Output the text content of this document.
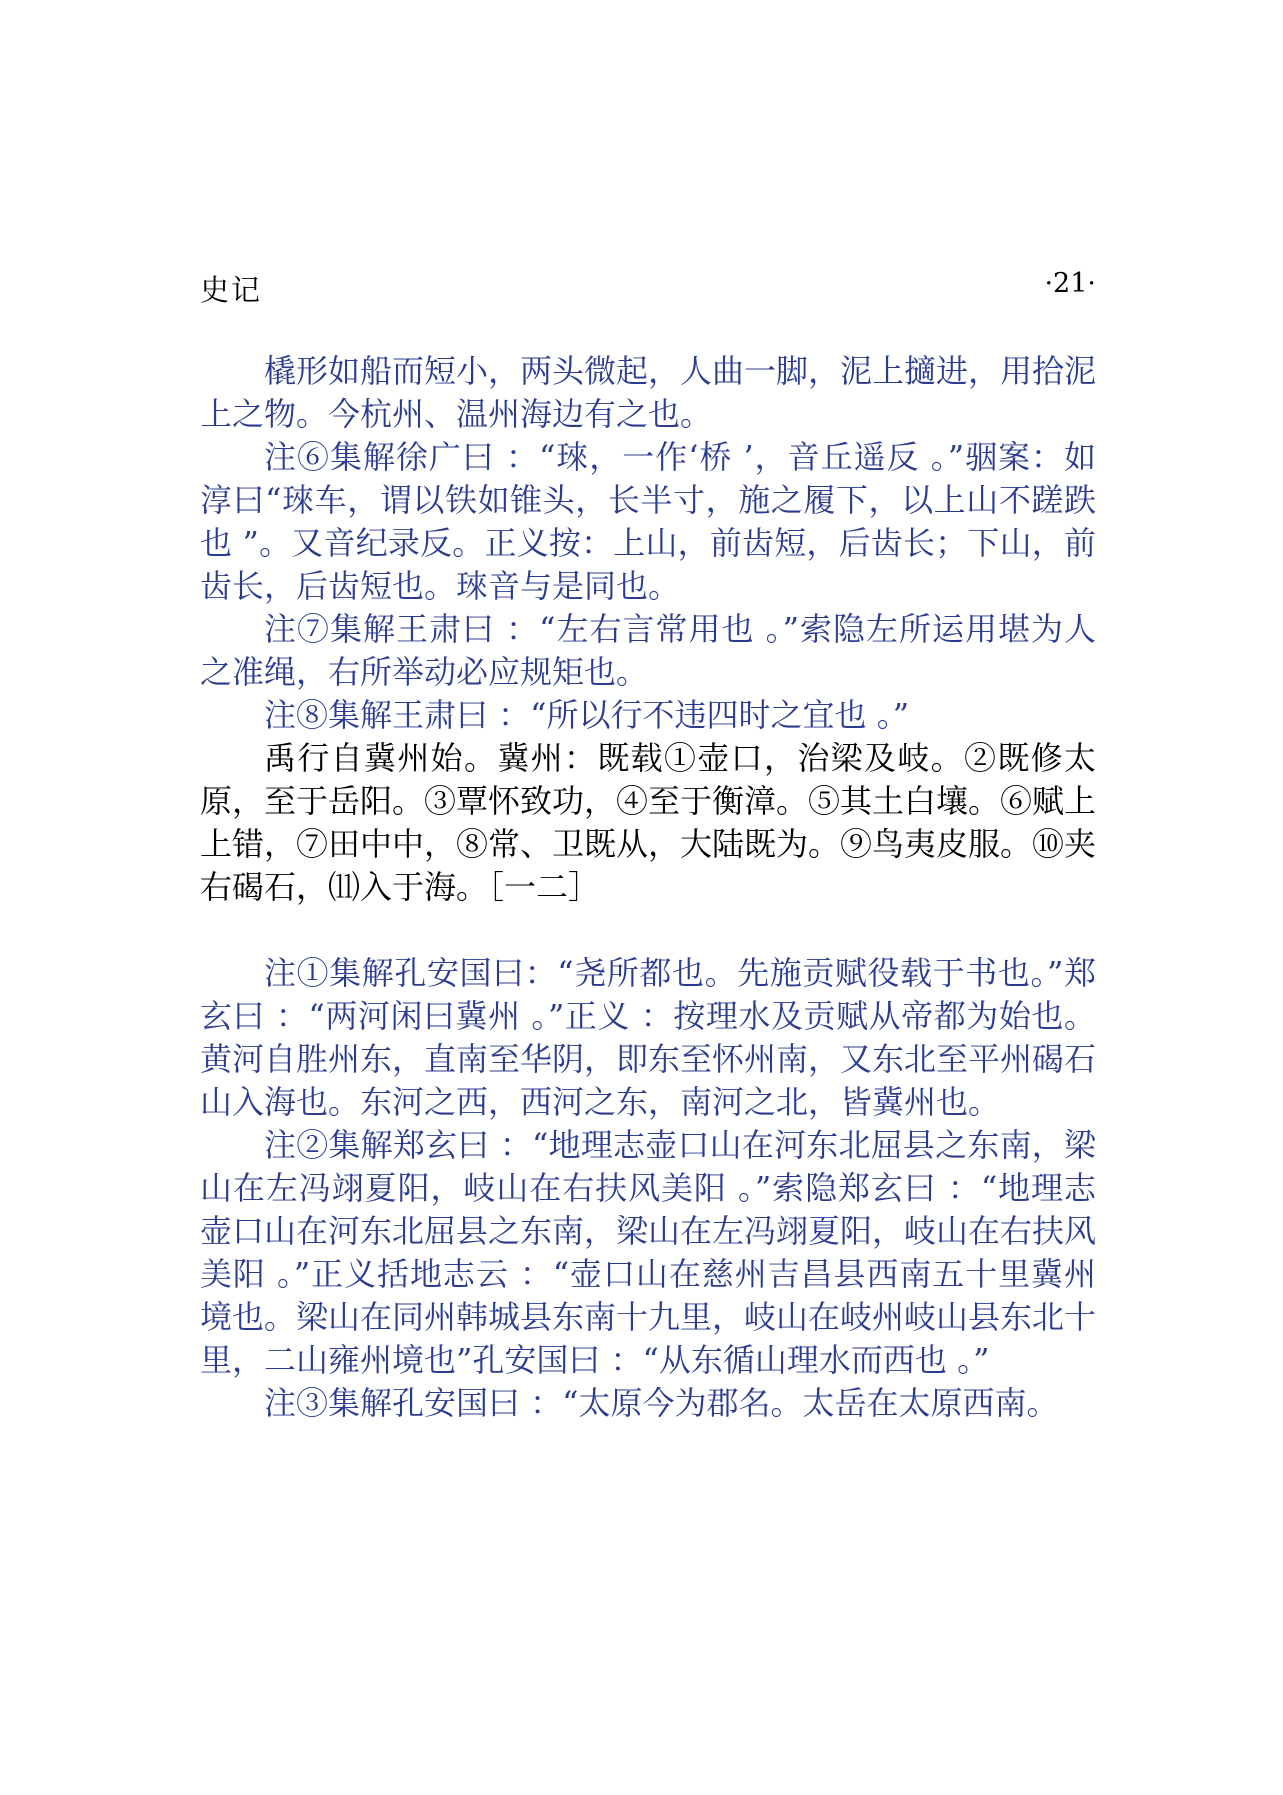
史记	·21·

橇形如船而短小，两头微起，人曲一脚，泥上擿进，用拾泥上之物。今杭州、温州海边有之也。

注⑥集解徐广曰 ：“琜，一作‘桥 ’，音丘遥反 。”骃案：如淳曰“琜车，谓以铁如锥头，长半寸，施之履下，以上山不蹉跌也 ”。又音纪录反。正义按：上山，前齿短，后齿长；下山，前齿长，后齿短也。琜音与是同也。

注⑦集解王肃曰 ：“左右言常用也 。”索隐左所运用堪为人之准绳，右所举动必应规矩也。

注⑧集解王肃曰 ：“所以行不违四时之宜也 。”

禹行自冀州始。冀州：既载①壶口，治梁及岐。②既修太原，至于岳阳。③覃怀致功，④至于衡漳。⑤其土白壤。⑥赋上上错，⑦田中中，⑧常、卫既从，大陆既为。⑨鸟夷皮服。⑩夹右碣石，⑾入于海。［一二］

注①集解孔安国曰：“尧所都也。先施贡赋役载于书也。”郑玄曰 ：“两河闲曰冀州 。”正义 ：按理水及贡赋从帝都为始也。黄河自胜州东，直南至华阴，即东至怀州南，又东北至平州碣石山入海也。东河之西，西河之东，南河之北，皆冀州也。

注②集解郑玄曰 ：“地理志壶口山在河东北屈县之东南，梁山在左冯翊夏阳，岐山在右扶风美阳 。”索隐郑玄曰 ：“地理志壶口山在河东北屈县之东南，梁山在左冯翊夏阳，岐山在右扶风美阳 。”正义括地志云 ：“壶口山在慈州吉昌县西南五十里冀州境也。梁山在同州韩城县东南十九里，岐山在岐州岐山县东北十里，二山雍州境也”孔安国曰 ：“从东循山理水而西也 。”

注③集解孔安国曰 ：“太原今为郡名。太岳在太原西南。
